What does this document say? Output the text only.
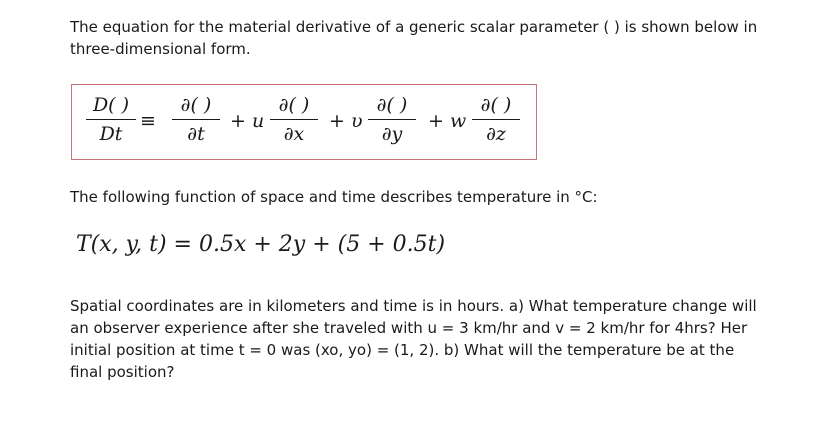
The equation for the material derivative of a generic scalar parameter ( ) is shown below in three-dimensional form.
D( )
Dt
≡
∂( )
∂t
+ u
∂( )
∂x
+ υ
∂( )
∂y
+ w
∂( )
∂z
The following function of space and time describes temperature in °C:
T(x, y, t) = 0.5x + 2y + (5 + 0.5t)
Spatial coordinates are in kilometers and time is in hours. a) What temperature change will an observer experience after she traveled with u = 3 km/hr and v = 2 km/hr for 4hrs? Her initial position at time t = 0 was (xo, yo) = (1, 2). b) What will the temperature be at the final position?
